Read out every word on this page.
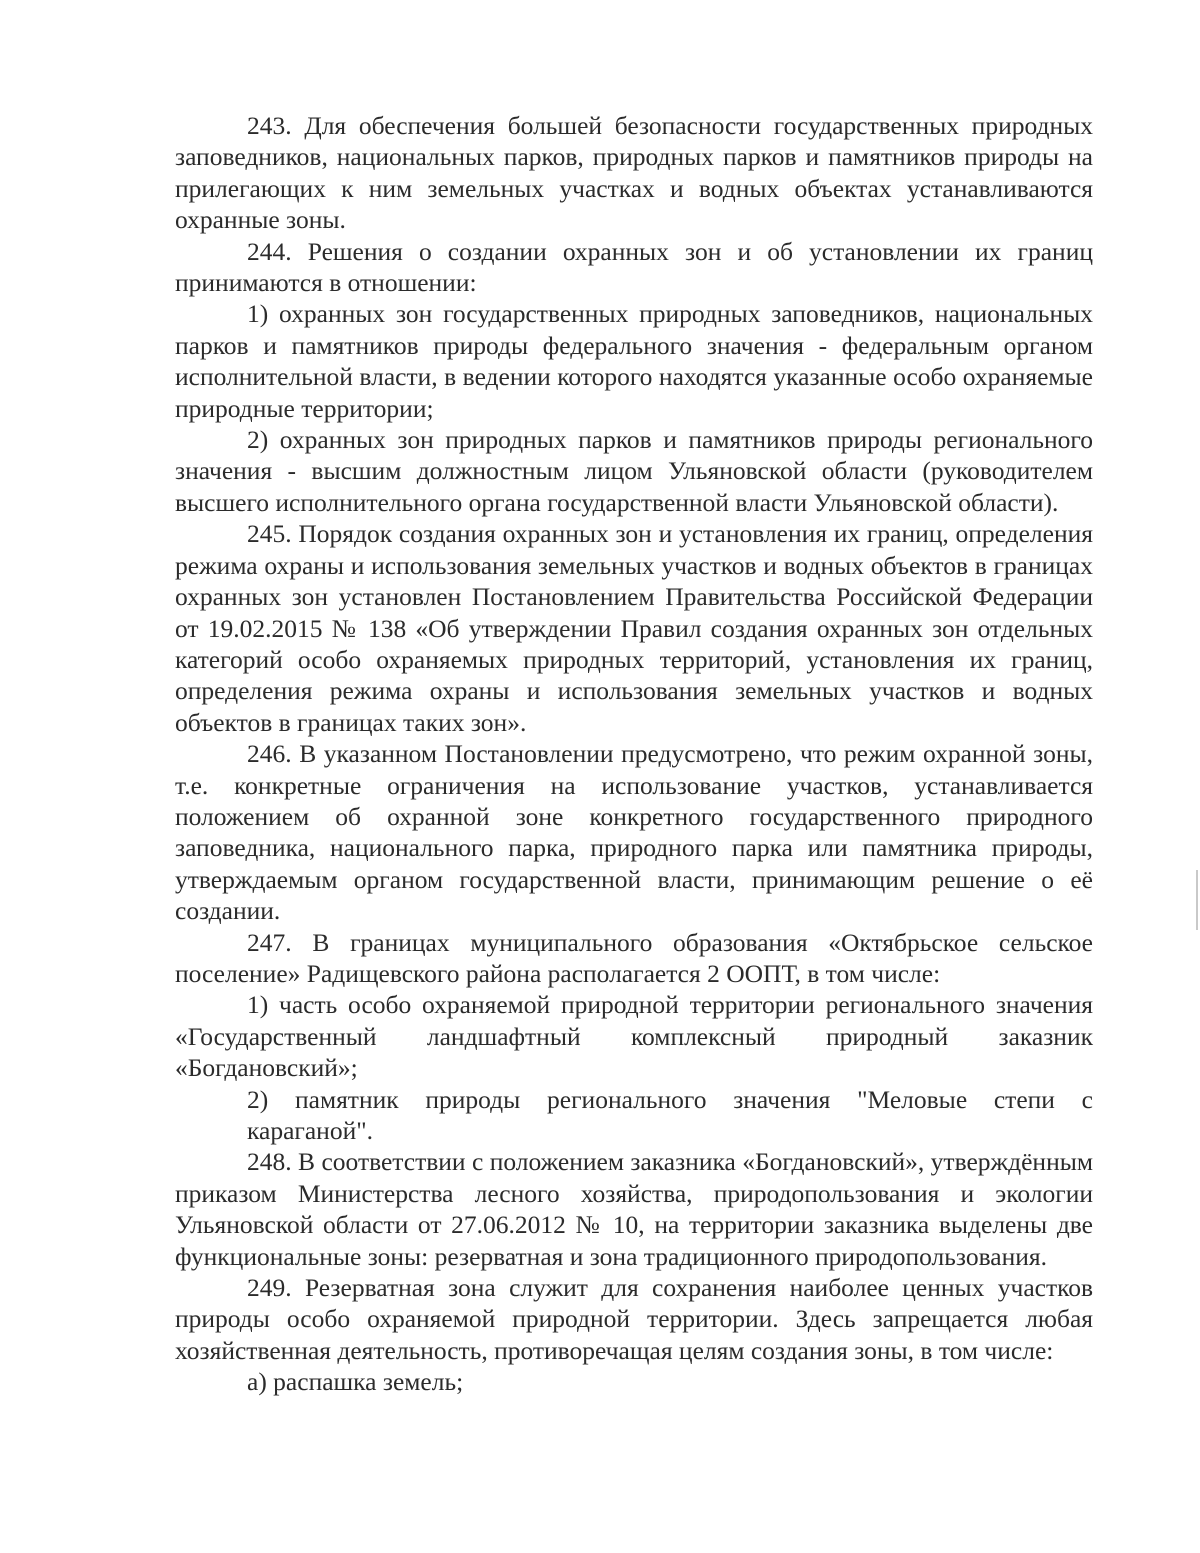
243. Для обеспечения большей безопасности государственных природных заповедников, национальных парков, природных парков и памятников природы на прилегающих к ним земельных участках и водных объектах устанавливаются охранные зоны.

244. Решения о создании охранных зон и об установлении их границ принимаются в отношении:

1) охранных зон государственных природных заповедников, национальных парков и памятников природы федерального значения - федеральным органом исполнительной власти, в ведении которого находятся указанные особо охраняемые природные территории;

2) охранных зон природных парков и памятников природы регионального значения - высшим должностным лицом Ульяновской области (руководителем высшего исполнительного органа государственной власти Ульяновской области).

245. Порядок создания охранных зон и установления их границ, определения режима охраны и использования земельных участков и водных объектов в границах охранных зон установлен Постановлением Правительства Российской Федерации от 19.02.2015 № 138 «Об утверждении Правил создания охранных зон отдельных категорий особо охраняемых природных территорий, установления их границ, определения режима охраны и использования земельных участков и водных объектов в границах таких зон».

246. В указанном Постановлении предусмотрено, что режим охранной зоны, т.е. конкретные ограничения на использование участков, устанавливается положением об охранной зоне конкретного государственного природного заповедника, национального парка, природного парка или памятника природы, утверждаемым органом государственной власти, принимающим решение о её создании.

247. В границах муниципального образования «Октябрьское сельское поселение» Радищевского района располагается 2 ООПТ, в том числе:

1) часть особо охраняемой природной территории регионального значения «Государственный ландшафтный комплексный природный заказник «Богдановский»;

2) памятник природы регионального значения "Меловые степи с
караганой".

248. В соответствии с положением заказника «Богдановский», утверждённым приказом Министерства лесного хозяйства, природопользования и экологии Ульяновской области от 27.06.2012 № 10, на территории заказника выделены две функциональные зоны: резерватная и зона традиционного природопользования.

249. Резерватная зона служит для сохранения наиболее ценных участков природы особо охраняемой природной территории. Здесь запрещается любая хозяйственная деятельность, противоречащая целям создания зоны, в том числе:

а) распашка земель;
